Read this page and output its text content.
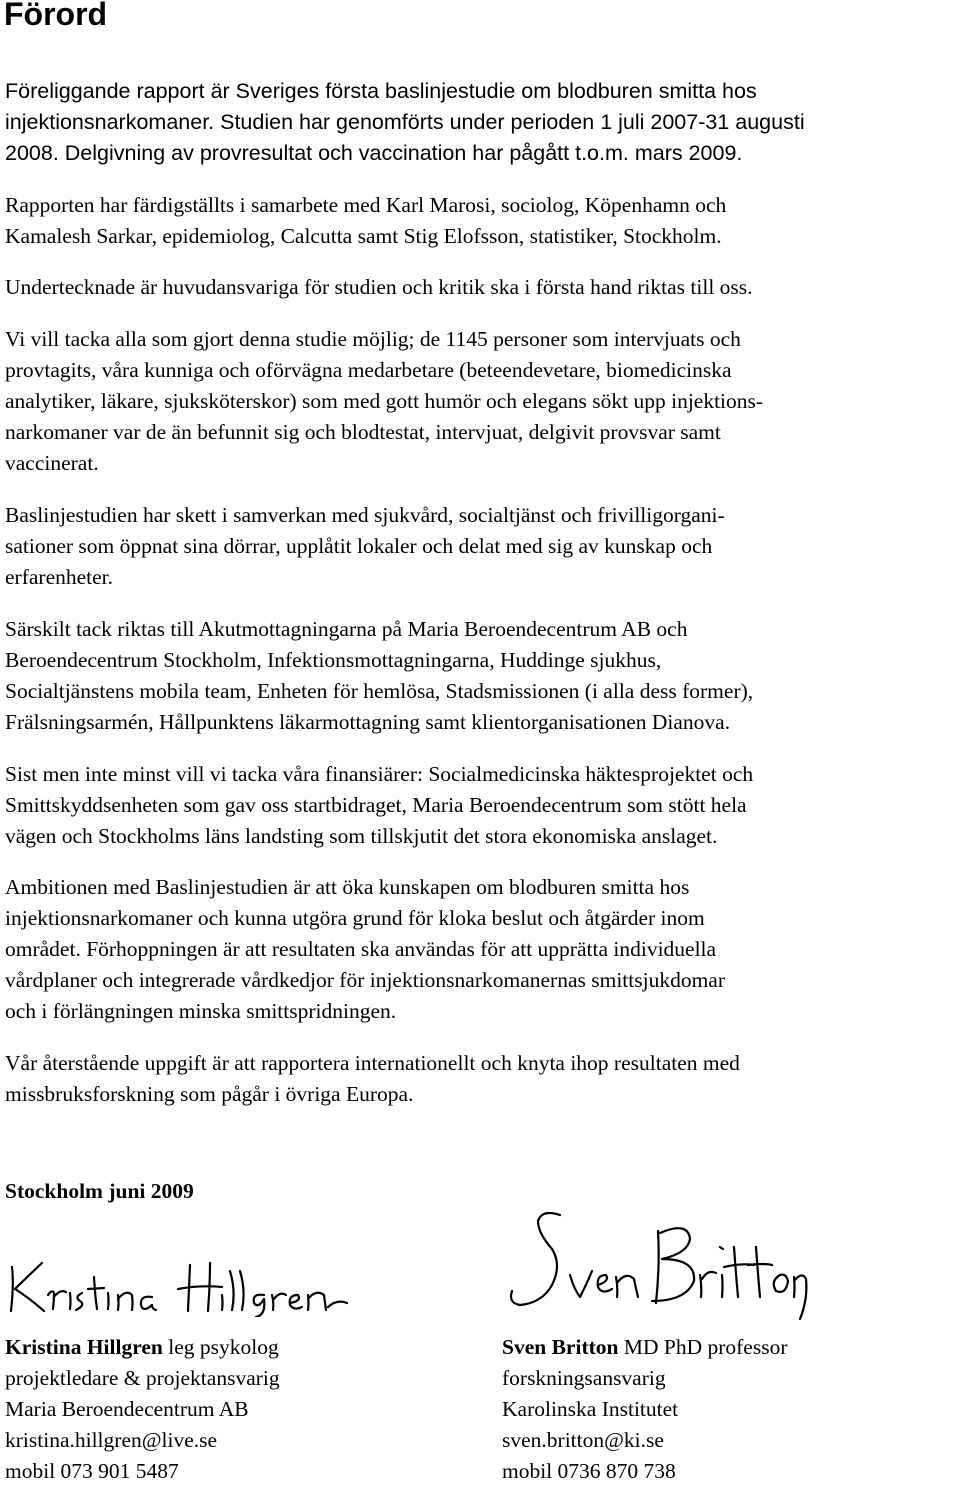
Förord

Föreliggande rapport är Sveriges första baslinjestudie om blodburen smitta hos
injektionsnarkomaner. Studien har genomförts under perioden 1 juli 2007-31 augusti
2008. Delgivning av provresultat och vaccination har pågått t.o.m. mars 2009.

Rapporten har färdigställts i samarbete med Karl Marosi, sociolog, Köpenhamn och
Kamalesh Sarkar, epidemiolog, Calcutta samt Stig Elofsson, statistiker, Stockholm.

Undertecknade är huvudansvariga för studien och kritik ska i första hand riktas till oss.

Vi vill tacka alla som gjort denna studie möjlig; de 1145 personer som intervjuats och
provtagits, våra kunniga och oförvägna medarbetare (beteendevetare, biomedicinska
analytiker, läkare, sjuksköterskor) som med gott humör och elegans sökt upp injektions-
narkomaner var de än befunnit sig och blodtestat, intervjuat, delgivit provsvar samt
vaccinerat.

Baslinjestudien har skett i samverkan med sjukvård, socialtjänst och frivilligorgani-
sationer som öppnat sina dörrar, upplåtit lokaler och delat med sig av kunskap och
erfarenheter.

Särskilt tack riktas till Akutmottagningarna på Maria Beroendecentrum AB och
Beroendecentrum Stockholm, Infektionsmottagningarna, Huddinge sjukhus,
Socialtjänstens mobila team, Enheten för hemlösa, Stadsmissionen (i alla dess former),
Frälsningsarmén, Hållpunktens läkarmottagning samt klientorganisationen Dianova.

Sist men inte minst vill vi tacka våra finansiärer: Socialmedicinska häktesprojektet och
Smittskyddsenheten som gav oss startbidraget, Maria Beroendecentrum som stött hela
vägen och Stockholms läns landsting som tillskjutit det stora ekonomiska anslaget.

Ambitionen med Baslinjestudien är att öka kunskapen om blodburen smitta hos
injektionsnarkomaner och kunna utgöra grund för kloka beslut och åtgärder inom
området. Förhoppningen är att resultaten ska användas för att upprätta individuella
vårdplaner och integrerade vårdkedjor för injektionsnarkomanernas smittsjukdomar
och i förlängningen minska smittspridningen.

Vår återstående uppgift är att rapportera internationellt och knyta ihop resultaten med
missbruksforskning som pågår i övriga Europa.

Stockholm juni 2009

Kristina Hillgren leg psykolog
projektledare & projektansvarig
Maria Beroendecentrum AB
kristina.hillgren@live.se
mobil 073 901 5487
Sven Britton MD PhD professor
forskningsansvarig
Karolinska Institutet
sven.britton@ki.se
mobil 0736 870 738
